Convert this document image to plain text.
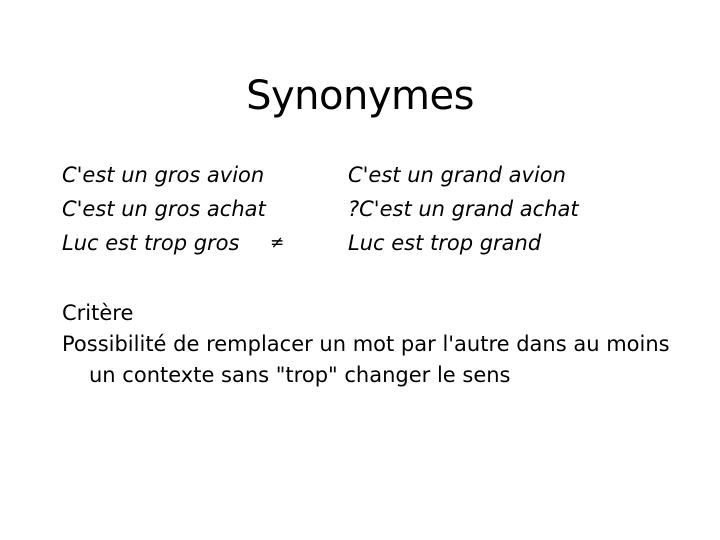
Synonymes
C'est un gros avion
C'est un gros achat
Luc est trop gros	≠
C'est un grand avion
?C'est un grand achat
Luc est trop grand
Critère
Possibilité de remplacer un mot par l'autre dans au moins un contexte sans "trop" changer le sens
